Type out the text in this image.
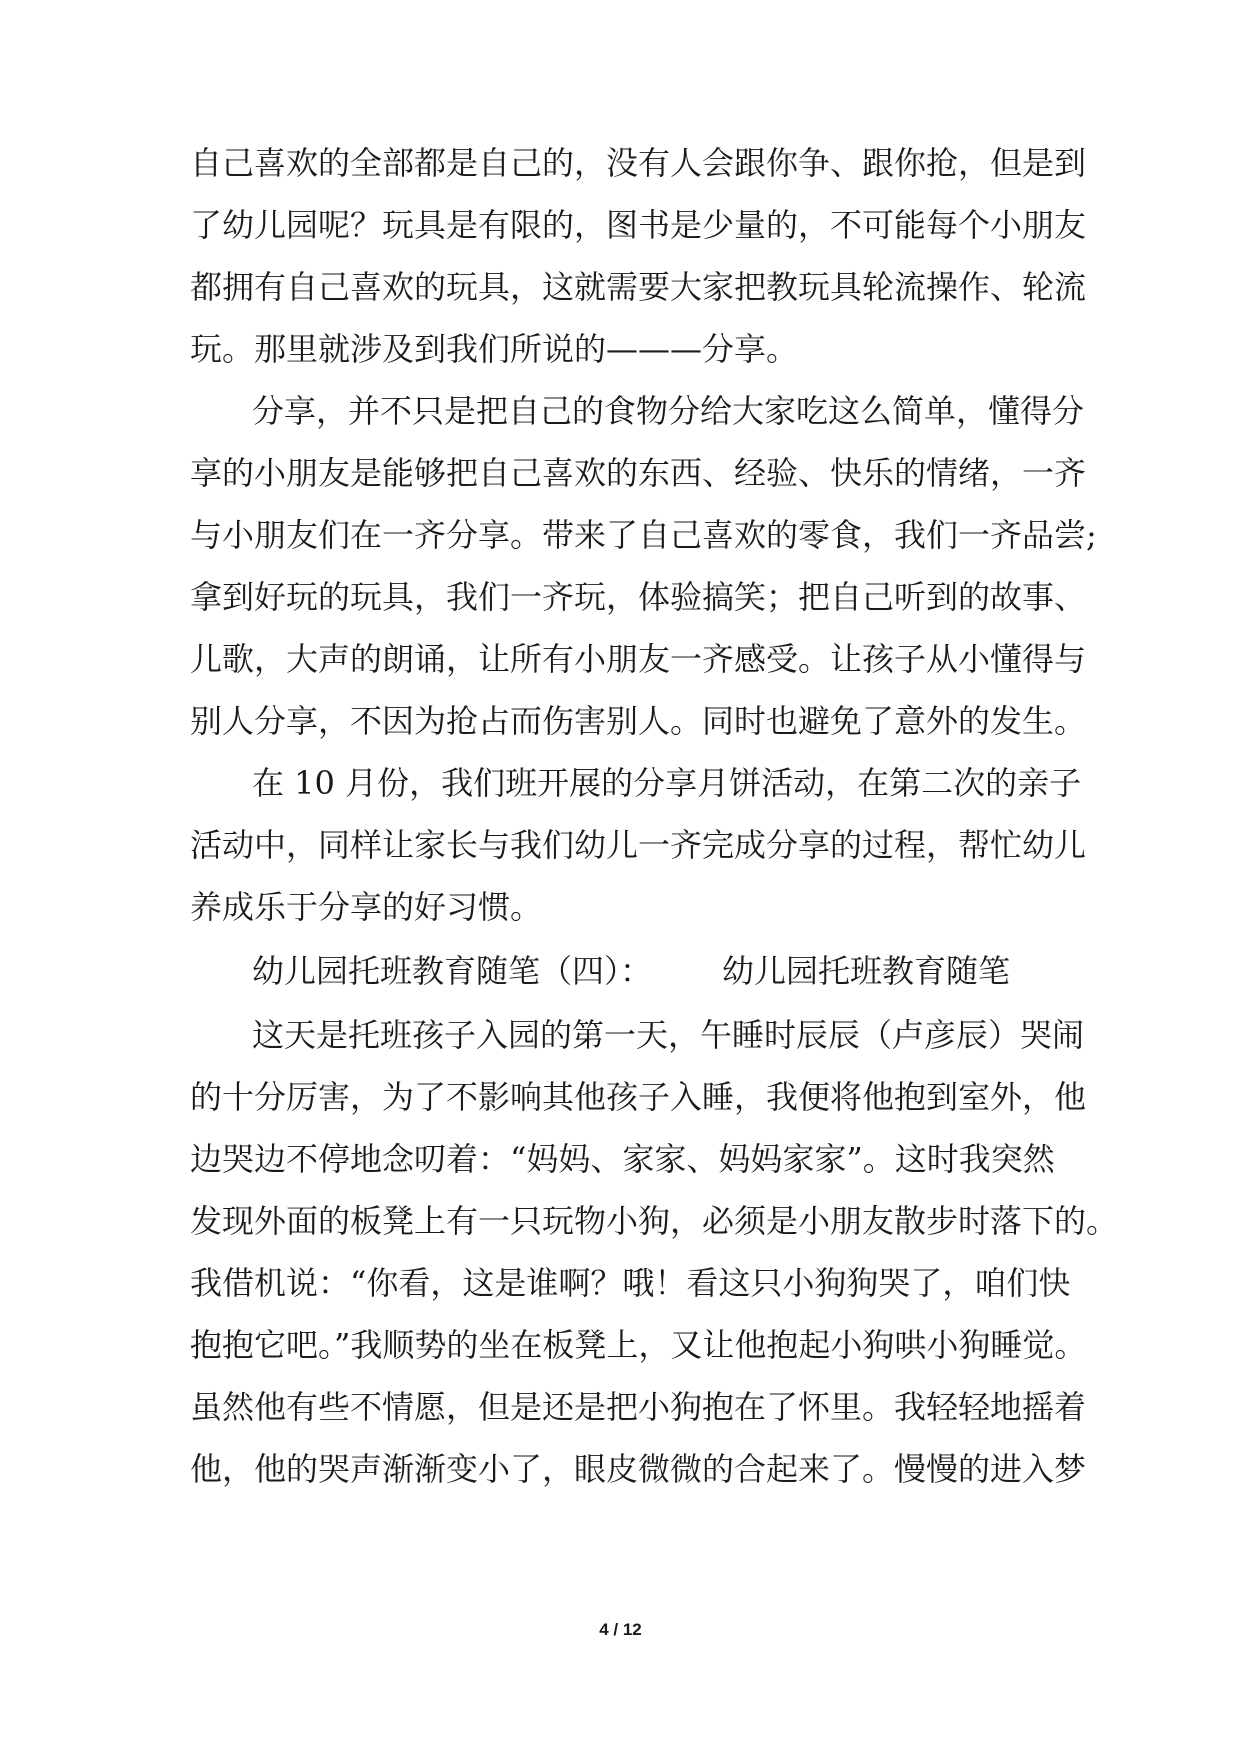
自己喜欢的全部都是自己的，没有人会跟你争、跟你抢，但是到
了幼儿园呢？玩具是有限的，图书是少量的，不可能每个小朋友
都拥有自己喜欢的玩具，这就需要大家把教玩具轮流操作、轮流
玩。那里就涉及到我们所说的———分享。
分享，并不只是把自己的食物分给大家吃这么简单，懂得分
享的小朋友是能够把自己喜欢的东西、经验、快乐的情绪，一齐
与小朋友们在一齐分享。带来了自己喜欢的零食，我们一齐品尝;
拿到好玩的玩具，我们一齐玩，体验搞笑；把自己听到的故事、
儿歌，大声的朗诵，让所有小朋友一齐感受。让孩子从小懂得与
别人分享，不因为抢占而伤害别人。同时也避免了意外的发生。
在 10 月份，我们班开展的分享月饼活动，在第二次的亲子
活动中，同样让家长与我们幼儿一齐完成分享的过程，帮忙幼儿
养成乐于分享的好习惯。
幼儿园托班教育随笔（四）： 幼儿园托班教育随笔
这天是托班孩子入园的第一天，午睡时辰辰（卢彦辰）哭闹
的十分厉害，为了不影响其他孩子入睡，我便将他抱到室外，他
边哭边不停地念叨着：“妈妈、家家、妈妈家家”。这时我突然
发现外面的板凳上有一只玩物小狗，必须是小朋友散步时落下的。
我借机说：“你看，这是谁啊？哦！看这只小狗狗哭了，咱们快
抱抱它吧。”我顺势的坐在板凳上，又让他抱起小狗哄小狗睡觉。
虽然他有些不情愿，但是还是把小狗抱在了怀里。我轻轻地摇着
他，他的哭声渐渐变小了，眼皮微微的合起来了。慢慢的进入梦
4 / 12
